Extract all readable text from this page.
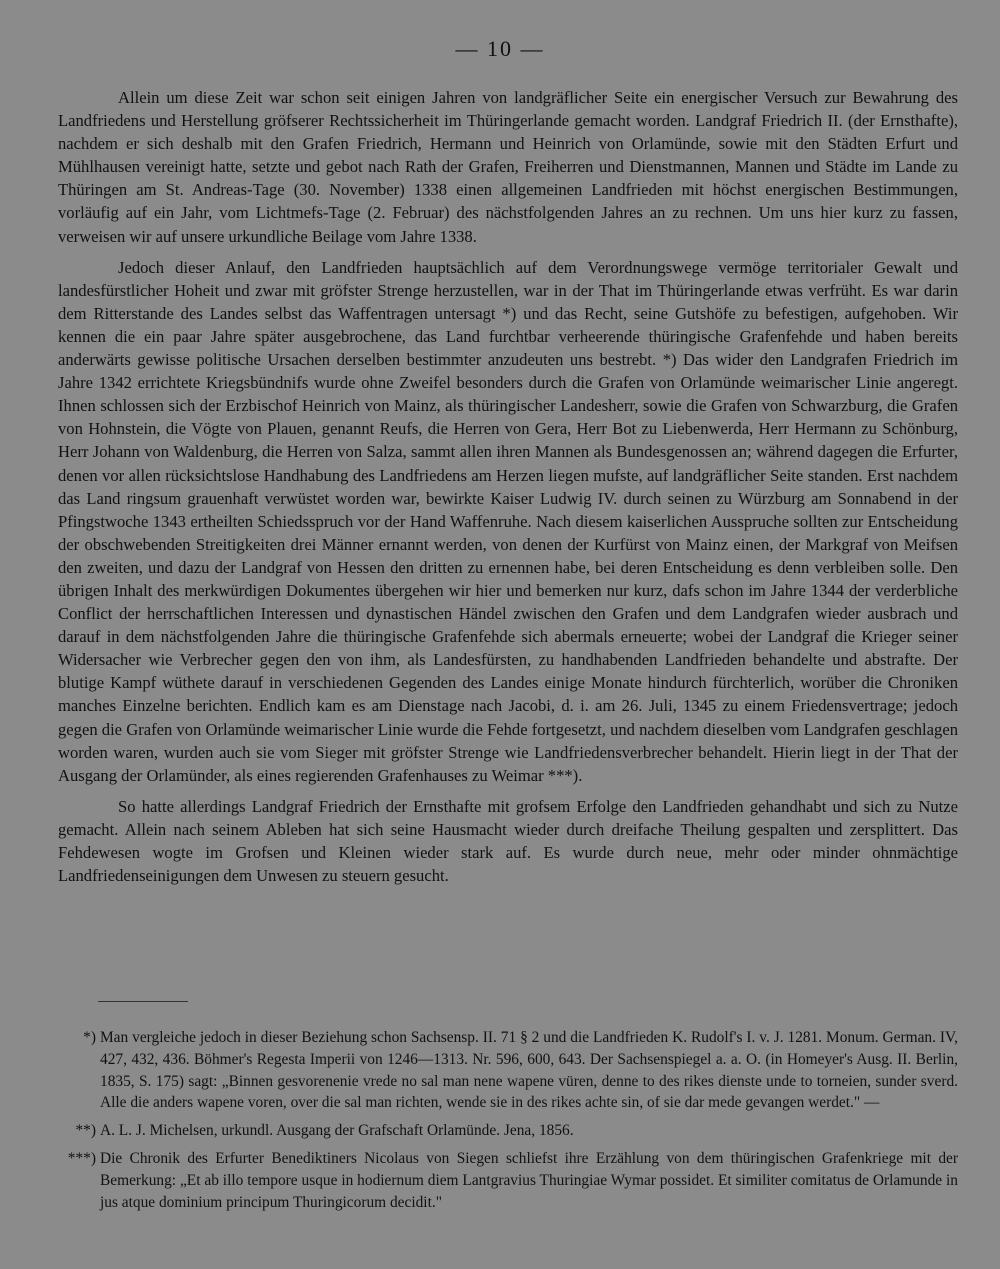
— 10 —

Allein um diese Zeit war schon seit einigen Jahren von landgräflicher Seite ein energischer Versuch zur Bewahrung des Landfriedens und Herstellung gröfserer Rechtssicherheit im Thüringerlande gemacht worden. Landgraf Friedrich II. (der Ernsthafte), nachdem er sich deshalb mit den Grafen Friedrich, Hermann und Heinrich von Orlamünde, sowie mit den Städten Erfurt und Mühlhausen vereinigt hatte, setzte und gebot nach Rath der Grafen, Freiherren und Dienstmannen, Mannen und Städte im Lande zu Thüringen am St. Andreas-Tage (30. November) 1338 einen allgemeinen Landfrieden mit höchst energischen Bestimmungen, vorläufig auf ein Jahr, vom Lichtmefs-Tage (2. Februar) des nächstfolgenden Jahres an zu rechnen. Um uns hier kurz zu fassen, verweisen wir auf unsere urkundliche Beilage vom Jahre 1338.

Jedoch dieser Anlauf, den Landfrieden hauptsächlich auf dem Verordnungswege vermöge territorialer Gewalt und landesfürstlicher Hoheit und zwar mit gröfster Strenge herzustellen, war in der That im Thüringerlande etwas verfrüht. Es war darin dem Ritterstande des Landes selbst das Waffentragen untersagt *) und das Recht, seine Gutshöfe zu befestigen, aufgehoben. Wir kennen die ein paar Jahre später ausgebrochene, das Land furchtbar verheerende thüringische Grafenfehde und haben bereits anderwärts gewisse politische Ursachen derselben bestimmter anzudeuten uns bestrebt. *) Das wider den Landgrafen Friedrich im Jahre 1342 errichtete Kriegsbündnifs wurde ohne Zweifel besonders durch die Grafen von Orlamünde weimarischer Linie angeregt. Ihnen schlossen sich der Erzbischof Heinrich von Mainz, als thüringischer Landesherr, sowie die Grafen von Schwarzburg, die Grafen von Hohnstein, die Vögte von Plauen, genannt Reufs, die Herren von Gera, Herr Bot zu Liebenwerda, Herr Hermann zu Schönburg, Herr Johann von Waldenburg, die Herren von Salza, sammt allen ihren Mannen als Bundesgenossen an; während dagegen die Erfurter, denen vor allen rücksichtslose Handhabung des Landfriedens am Herzen liegen mufste, auf landgräflicher Seite standen. Erst nachdem das Land ringsum grauenhaft verwüstet worden war, bewirkte Kaiser Ludwig IV. durch seinen zu Würzburg am Sonnabend in der Pfingstwoche 1343 ertheilten Schiedsspruch vor der Hand Waffenruhe. Nach diesem kaiserlichen Ausspruche sollten zur Entscheidung der obschwebenden Streitigkeiten drei Männer ernannt werden, von denen der Kurfürst von Mainz einen, der Markgraf von Meifsen den zweiten, und dazu der Landgraf von Hessen den dritten zu ernennen habe, bei deren Entscheidung es denn verbleiben solle. Den übrigen Inhalt des merkwürdigen Dokumentes übergehen wir hier und bemerken nur kurz, dafs schon im Jahre 1344 der verderbliche Conflict der herrschaftlichen Interessen und dynastischen Händel zwischen den Grafen und dem Landgrafen wieder ausbrach und darauf in dem nächstfolgenden Jahre die thüringische Grafenfehde sich abermals erneuerte; wobei der Landgraf die Krieger seiner Widersacher wie Verbrecher gegen den von ihm, als Landesfürsten, zu handhabenden Landfrieden behandelte und abstrafte. Der blutige Kampf wüthete darauf in verschiedenen Gegenden des Landes einige Monate hindurch fürchterlich, worüber die Chroniken manches Einzelne berichten. Endlich kam es am Dienstage nach Jacobi, d. i. am 26. Juli, 1345 zu einem Friedensvertrage; jedoch gegen die Grafen von Orlamünde weimarischer Linie wurde die Fehde fortgesetzt, und nachdem dieselben vom Landgrafen geschlagen worden waren, wurden auch sie vom Sieger mit gröfster Strenge wie Landfriedensverbrecher behandelt. Hierin liegt in der That der Ausgang der Orlamünder, als eines regierenden Grafenhauses zu Weimar ***).

So hatte allerdings Landgraf Friedrich der Ernsthafte mit grofsem Erfolge den Landfrieden gehandhabt und sich zu Nutze gemacht. Allein nach seinem Ableben hat sich seine Hausmacht wieder durch dreifache Theilung gespalten und zersplittert. Das Fehdewesen wogte im Grofsen und Kleinen wieder stark auf. Es wurde durch neue, mehr oder minder ohnmächtige Landfriedenseinigungen dem Unwesen zu steuern gesucht.

*) Man vergleiche jedoch in dieser Beziehung schon Sachsensp. II. 71 § 2 und die Landfrieden K. Rudolf's I. v. J. 1281. Monum. German. IV, 427, 432, 436. Böhmer's Regesta Imperii von 1246—1313. Nr. 596, 600, 643. Der Sachsenspiegel a. a. O. (in Homeyer's Ausg. II. Berlin, 1835, S. 175) sagt: „Binnen gesvorenenie vrede no sal man nene wapene vüren, denne to des rikes dienste unde to torneien, sunder sverd. Alle die anders wapene voren, over die sal man richten, wende sie in des rikes achte sin, of sie dar mede gevangen werdet." —
**) A. L. J. Michelsen, urkundl. Ausgang der Grafschaft Orlamünde. Jena, 1856.
***) Die Chronik des Erfurter Benediktiners Nicolaus von Siegen schliefst ihre Erzählung von dem thüringischen Grafenkriege mit der Bemerkung: „Et ab illo tempore usque in hodiernum diem Lantgravius Thuringiae Wymar possidet. Et similiter comitatus de Orlamunde in jus atque dominium principum Thuringicorum decidit."
